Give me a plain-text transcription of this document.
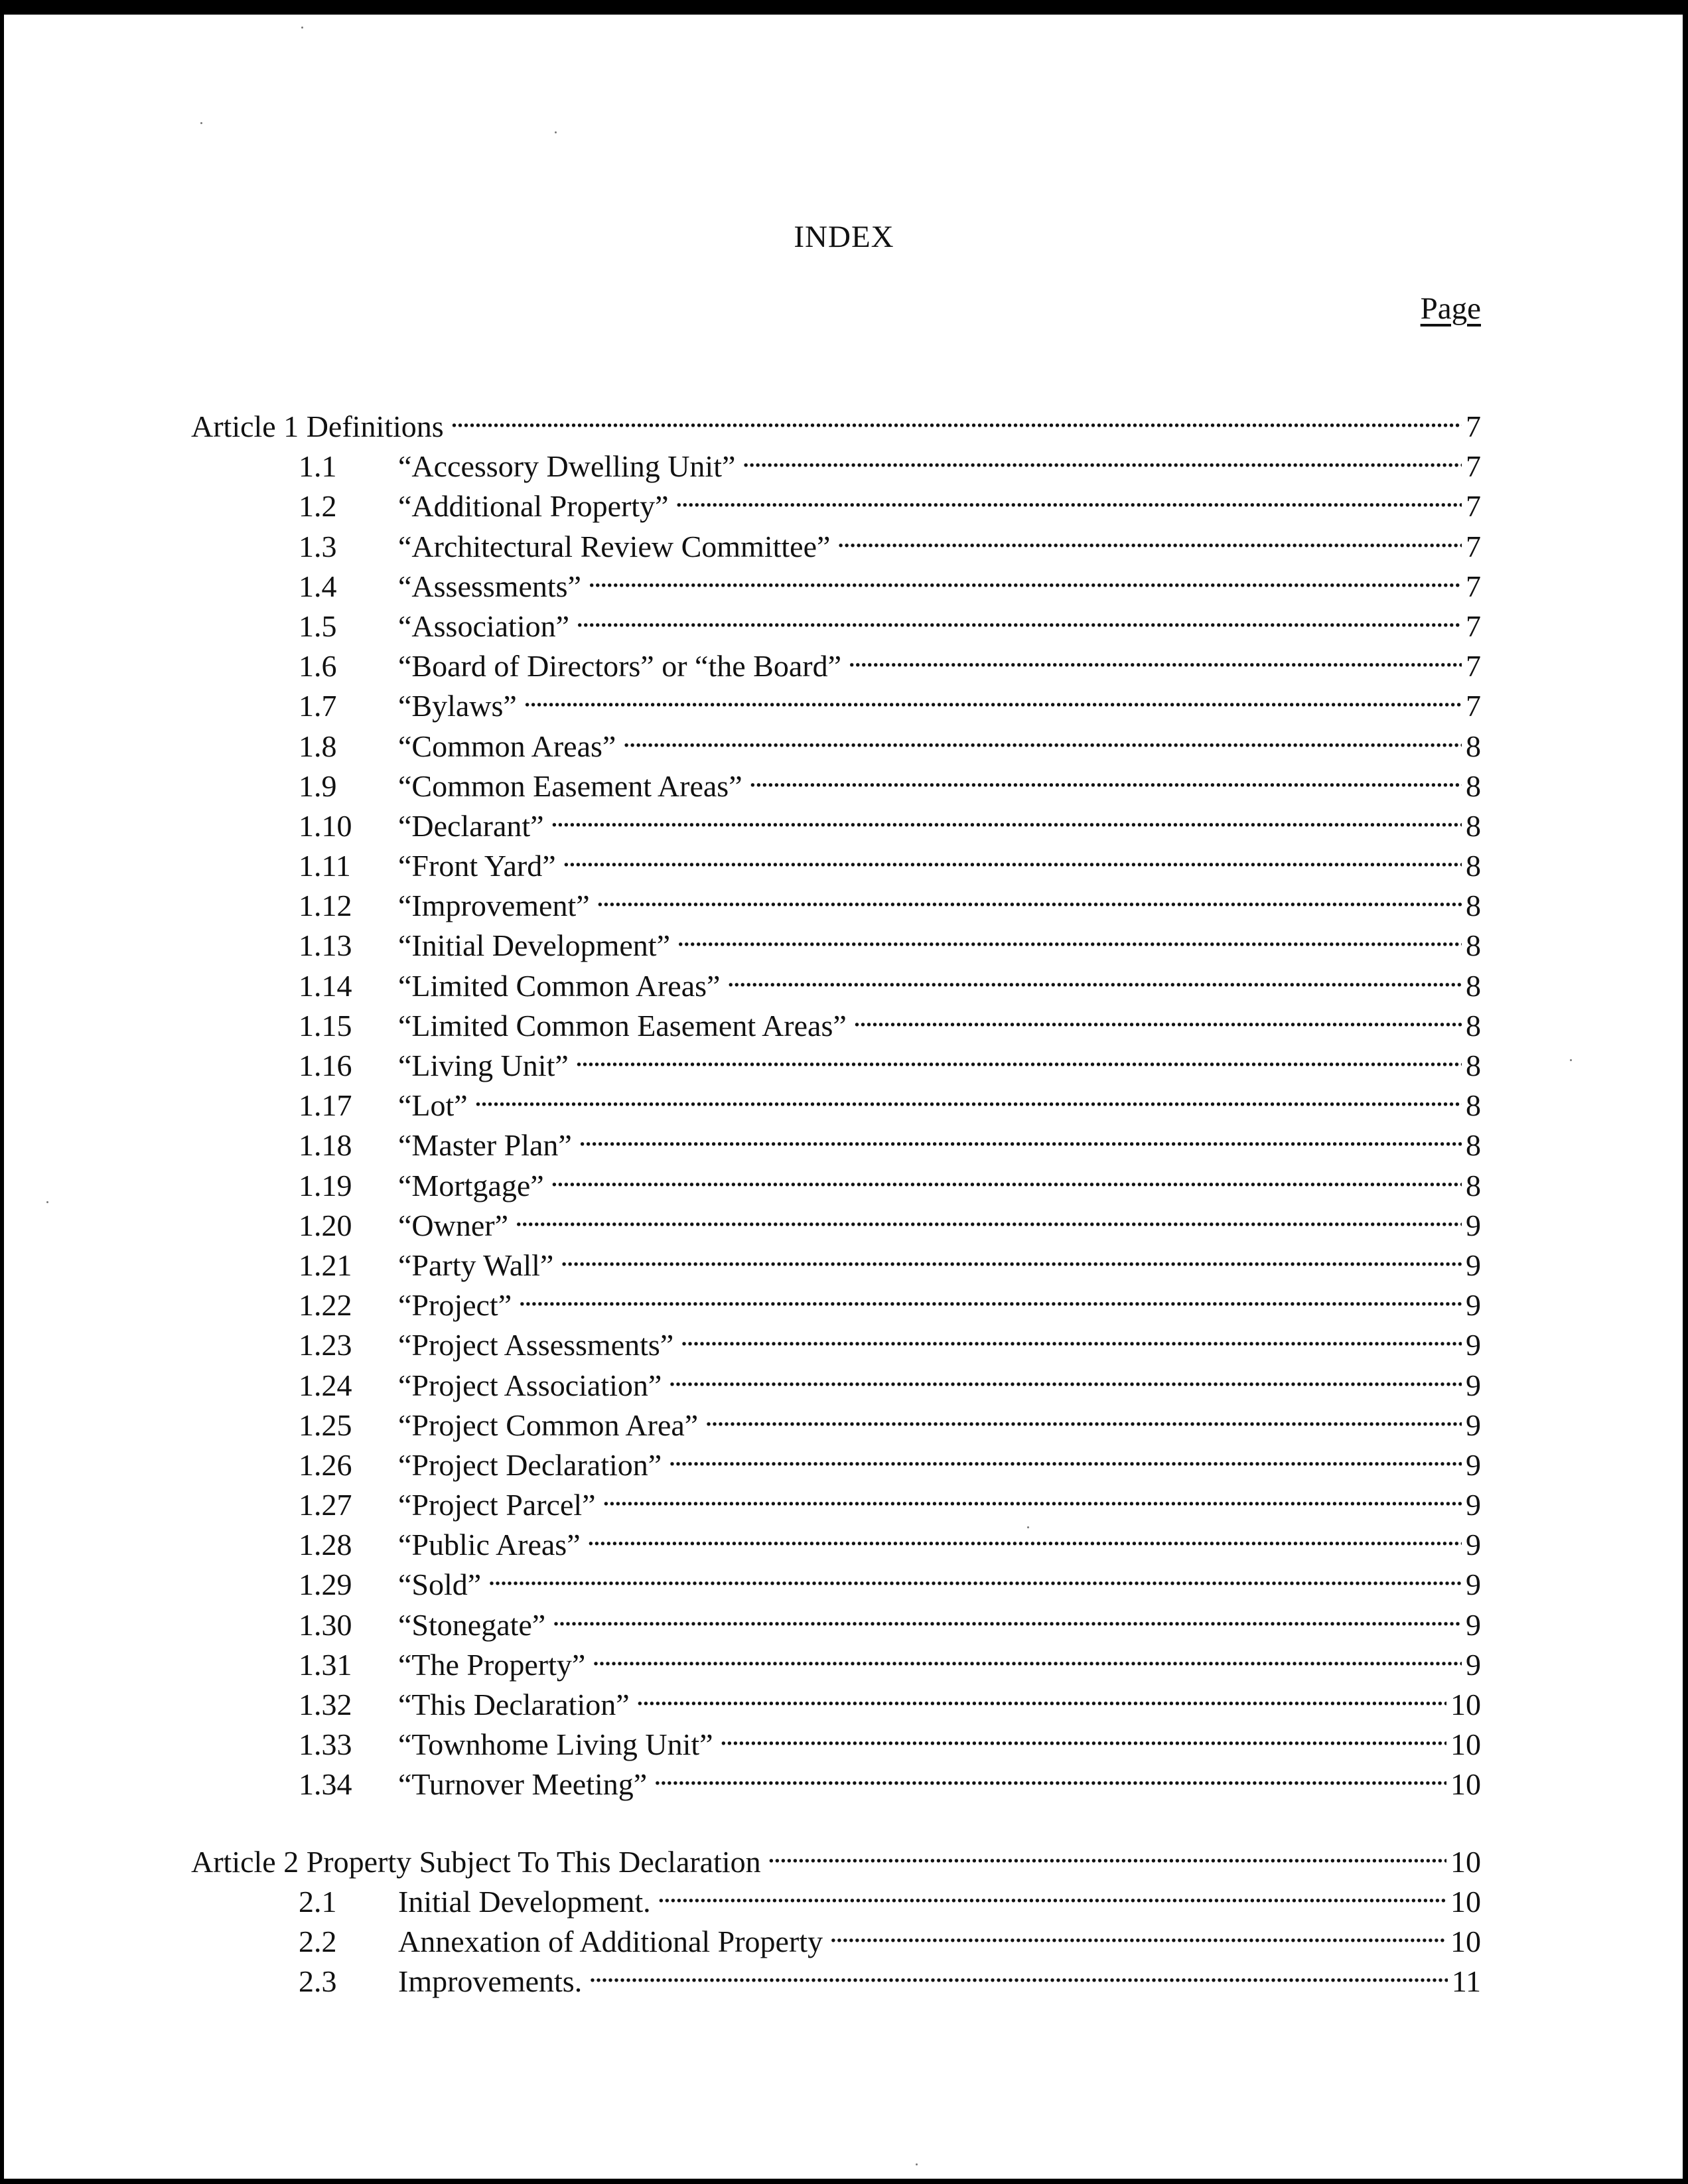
INDEX
Page
Article 1 Definitions . . .	7
1.1	“Accessory Dwelling Unit” . . .	7
1.2	“Additional Property” . . .	7
1.3	“Architectural Review Committee” . . .	7
1.4	“Assessments” . . .	7
1.5	“Association” . . .	7
1.6	“Board of Directors” or “the Board” . . .	7
1.7	“Bylaws” . . .	7
1.8	“Common Areas” . . .	8
1.9	“Common Easement Areas” . . .	8
1.10	“Declarant” . . .	8
1.11	“Front Yard” . . .	8
1.12	“Improvement” . . .	8
1.13	“Initial Development” . . .	8
1.14	“Limited Common Areas” . . .	8
1.15	“Limited Common Easement Areas” . . .	8
1.16	“Living Unit” . . .	8
1.17	“Lot” . . .	8
1.18	“Master Plan” . . .	8
1.19	“Mortgage” . . .	8
1.20	“Owner” . . .	9
1.21	“Party Wall” . . .	9
1.22	“Project” . . .	9
1.23	“Project Assessments” . . .	9
1.24	“Project Association” . . .	9
1.25	“Project Common Area” . . .	9
1.26	“Project Declaration” . . .	9
1.27	“Project Parcel” . . .	9
1.28	“Public Areas” . . .	9
1.29	“Sold” . . .	9
1.30	“Stonegate” . . .	9
1.31	“The Property” . . .	9
1.32	“This Declaration” . . .	10
1.33	“Townhome Living Unit” . . .	10
1.34	“Turnover Meeting” . . .	10
Article 2 Property Subject To This Declaration . . .	10
2.1	Initial Development. . . .	10
2.2	Annexation of Additional Property . . .	10
2.3	Improvements. . . .	11
